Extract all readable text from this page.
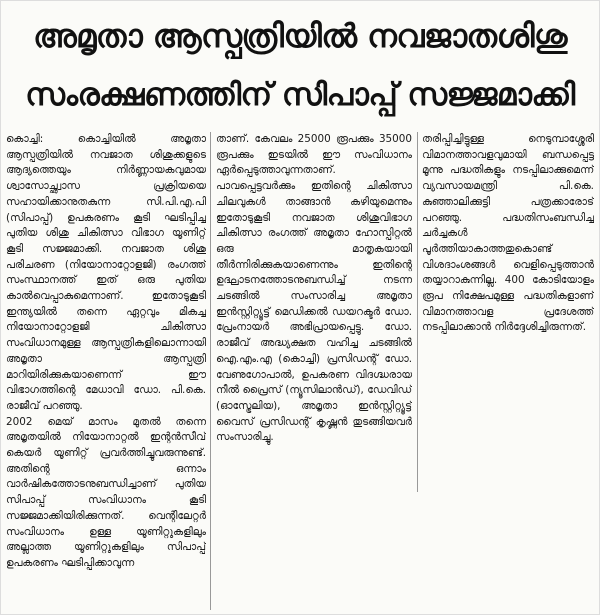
അമൃതാ ആസ്പത്രിയിൽ നവജാതശിശു
സംരക്ഷണത്തിന് സിപാപ്പ് സജ്ജമാക്കി

കൊച്ചി: കൊച്ചിയിൽ അമൃതാ ആസ്പത്രിയിൽ നവജാത ശിശുക്കളുടെ ആദ്യത്തെയും നിർണ്ണായകവുമായ ശ്വാസോച്ഛ്വാസ പ്രക്രിയയെ സഹായിക്കാനുതകുന്ന സി.പി.എ.പി (സിപാപ്പ്) ഉപകരണം കൂടി ഘടിപ്പിച്ച പുതിയ ശിശു ചികിത്സാ വിഭാഗ യൂണിറ്റ് കൂടി സജ്ജമാക്കി. നവജാത ശിശു പരിചരണ (നിയോനാറ്റോളജി) രംഗത്ത് സംസ്ഥാനത്ത് ഇത് ഒരു പുതിയ കാൽവെപ്പാകുമെന്നാണ്. ഇതോടുകൂടി ഇന്ത്യയിൽ തന്നെ ഏറ്റവും മികച്ച നിയോനാറ്റോളജി ചികിത്സാ സംവിധാനമുള്ള ആസ്പത്രികളിലൊന്നായി അമൃതാ ആസ്പത്രി മാറിയിരിക്കുകയാണെന്ന് ഈ വിഭാഗത്തിന്റെ മേധാവി ഡോ. പി.കെ. രാജീവ് പറഞ്ഞു.

2002 മെയ് മാസം മുതൽ തന്നെ അമൃതയിൽ നിയോനാറ്റൽ ഇന്റൻസീവ് കെയർ യൂണിറ്റ് പ്രവർത്തിച്ചുവരുന്നുണ്ട്. അതിന്റെ ഒന്നാം വാർഷികത്തോടനുബന്ധിച്ചാണ് പുതിയ സിപാപ്പ് സംവിധാനം കൂടി സജ്ജമാക്കിയിരിക്കുന്നത്. വെന്റിലേറ്റർ സംവിധാനം ഉള്ള യൂണിറ്റുകളിലും അല്ലാത്ത യൂണിറ്റുകളിലും സിപാപ്പ് ഉപകരണം ഘടിപ്പിക്കാവുന്ന

താണ്. കേവലം 25000 രൂപക്കും 35000 രൂപക്കും ഇടയിൽ ഈ സംവിധാനം ഏർപ്പെടുത്താവുന്നതാണ്. പാവപ്പെട്ടവർക്കും ഇതിന്റെ ചികിത്സാ ചിലവുകൾ താങ്ങാൻ കഴിയുമെന്നും ഇതോടുകൂടി നവജാത ശിശുവിഭാഗ ചികിത്സാ രംഗത്ത് അമൃതാ ഹോസ്പിറ്റൽ ഒരു മാതൃകയായി തീർന്നിരിക്കുകയാണെന്നും ഇതിന്റെ ഉദ്ഘാടനത്തോടനുബന്ധിച്ച് നടന്ന ചടങ്ങിൽ സംസാരിച്ച അമൃതാ ഇൻസ്റ്റിറ്റ്യൂട്ട് മെഡിക്കൽ ഡയറക്ടർ ഡോ. പ്രേംനായർ അഭിപ്രായപ്പെട്ടു. ഡോ. രാജീവ് അദ്ധ്യക്ഷത വഹിച്ച ചടങ്ങിൽ ഐ.എം.എ (കൊച്ചി) പ്രസിഡന്റ് ഡോ. വേണുഗോപാൽ, ഉപകരണ വിദഗ്ദ്ധരായ നീൽ പ്രൈസ് (ന്യൂസിലാൻഡ്), ഡേവിഡ് (ഓസ്ട്രേലിയ), അമൃതാ ഇൻസ്റ്റിറ്റ്യൂട്ട് വൈസ് പ്രസിഡന്റ് കൃഷ്ണൻ തുടങ്ങിയവർ സംസാരിച്ചു.

തരിപ്പിച്ചിട്ടുള്ള നെടുമ്പാശ്ശേരി വിമാനത്താവളവുമായി ബന്ധപ്പെട്ട മൂന്നു പദ്ധതികളും നടപ്പിലാക്കുമെന്ന് വ്യവസായമന്ത്രി പി.കെ. കുഞ്ഞാലിക്കുട്ടി പത്രക്കാരോട് പറഞ്ഞു. പദ്ധതിസംബന്ധിച്ച ചർച്ചകൾ പൂർത്തിയാകാത്തതുകൊണ്ട് വിശദാംശങ്ങൾ വെളിപ്പെടുത്താൻ തയ്യാറാകുന്നില്ല. 400 കോടിയോളം രൂപ നിക്ഷേപമുള്ള പദ്ധതികളാണ് വിമാനത്താവള പ്രദേശത്ത് നടപ്പിലാക്കാൻ നിർദ്ദേശിച്ചിരുന്നത്.
